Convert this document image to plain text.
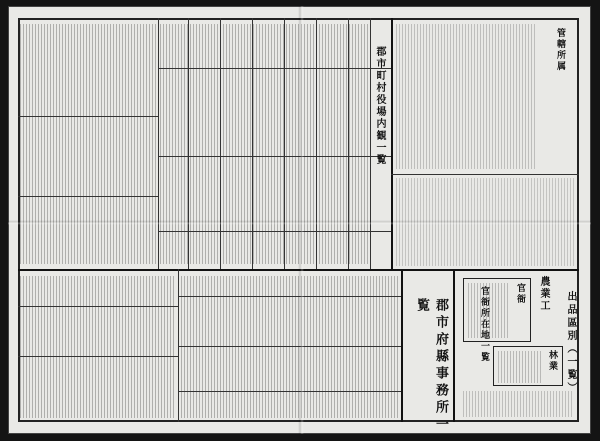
郡市町村役場内観一覧	管轄所属
郡市府縣事務所一覧
官衙
林業
農業工
官衙所在地一覧	出品區別（一覧）
